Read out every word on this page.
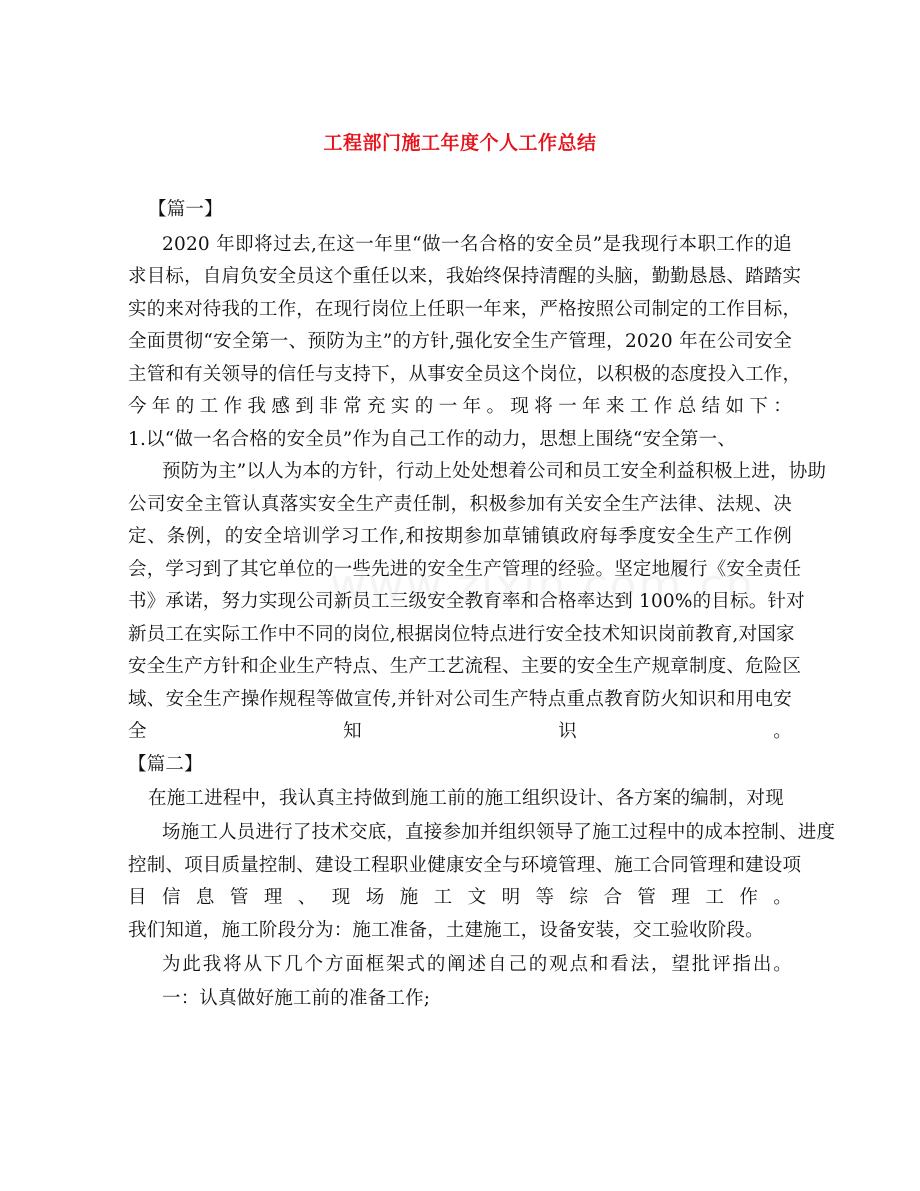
工程部门施工年度个人工作总结
【篇一】
2020 年即将过去,在这一年里“做一名合格的安全员”是我现行本职工作的追
求目标，自肩负安全员这个重任以来，我始终保持清醒的头脑，勤勤恳恳、踏踏实
实的来对待我的工作，在现行岗位上任职一年来，严格按照公司制定的工作目标，
全面贯彻“安全第一、预防为主”的方针,强化安全生产管理，2020 年在公司安全
主管和有关领导的信任与支持下，从事安全员这个岗位，以积极的态度投入工作，
今年的工作我感到非常充实的一年。现将一年来工作总结如下：
1.以“做一名合格的安全员”作为自己工作的动力，思想上围绕“安全第一、
预防为主”以人为本的方针，行动上处处想着公司和员工安全利益积极上进，协助
公司安全主管认真落实安全生产责任制，积极参加有关安全生产法律、法规、决
定、条例，的安全培训学习工作,和按期参加草铺镇政府每季度安全生产工作例
会，学习到了其它单位的一些先进的安全生产管理的经验。坚定地履行《安全责任
书》承诺，努力实现公司新员工三级安全教育率和合格率达到 100%的目标。针对
新员工在实际工作中不同的岗位,根据岗位特点进行安全技术知识岗前教育,对国家
安全生产方针和企业生产特点、生产工艺流程、主要的安全生产规章制度、危险区
域、安全生产操作规程等做宣传,并针对公司生产特点重点教育防火知识和用电安
全知识。
【篇二】
在施工进程中，我认真主持做到施工前的施工组织设计、各方案的编制，对现
场施工人员进行了技术交底，直接参加并组织领导了施工过程中的成本控制、进度
控制、项目质量控制、建设工程职业健康安全与环境管理、施工合同管理和建设项
目信息管理、现场施工文明等综合管理工作。
我们知道，施工阶段分为：施工准备，土建施工，设备安装，交工验收阶段。
为此我将从下几个方面框架式的阐述自己的观点和看法，望批评指出。
一：认真做好施工前的准备工作;
